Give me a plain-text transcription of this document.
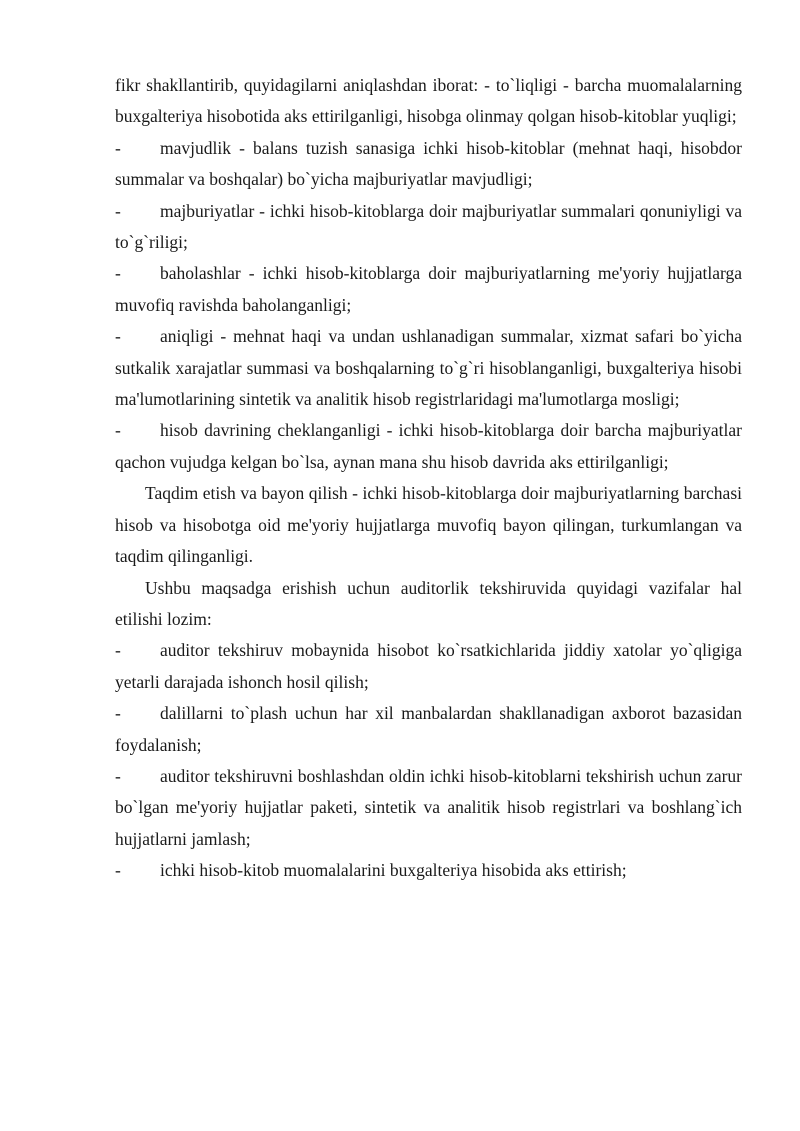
fikr shakllantirib, quyidagilarni aniqlashdan iborat: - to`liqligi - barcha muomalalarning buxgalteriya hisobotida aks ettirilganligi, hisobga olinmay qolgan hisob-kitoblar yuqligi;

- mavjudlik - balans tuzish sanasiga ichki hisob-kitoblar (mehnat haqi, hisobdor summalar va boshqalar) bo`yicha majburiyatlar mavjudligi;

- majburiyatlar - ichki hisob-kitoblarga doir majburiyatlar summalari qonuniyligi va to`g`riligi;

- baholashlar - ichki hisob-kitoblarga doir majburiyatlarning me'yoriy hujjatlarga muvofiq ravishda baholanganligi;

- aniqligi - mehnat haqi va undan ushlanadigan summalar, xizmat safari bo`yicha sutkalik xarajatlar summasi va boshqalarning to`g`ri hisoblanganligi, buxgalteriya hisobi ma'lumotlarining sintetik va analitik hisob registrlaridagi ma'lumotlarga mosligi;

- hisob davrining cheklanganligi - ichki hisob-kitoblarga doir barcha majburiyatlar qachon vujudga kelgan bo`lsa, aynan mana shu hisob davrida aks ettirilganligi;

Taqdim etish va bayon qilish - ichki hisob-kitoblarga doir majburiyatlarning barchasi hisob va hisobotga oid me'yoriy hujjatlarga muvofiq bayon qilingan, turkumlangan va taqdim qilinganligi.

Ushbu maqsadga erishish uchun auditorlik tekshiruvida quyidagi vazifalar hal etilishi lozim:

- auditor tekshiruv mobaynida hisobot ko`rsatkichlarida jiddiy xatolar yo`qligiga yetarli darajada ishonch hosil qilish;

- dalillarni to`plash uchun har xil manbalardan shakllanadigan axborot bazasidan foydalanish;

- auditor tekshiruvni boshlashdan oldin ichki hisob-kitoblarni tekshirish uchun zarur bo`lgan me'yoriy hujjatlar paketi, sintetik va analitik hisob registrlari va boshlang`ich hujjatlarni jamlash;

- ichki hisob-kitob muomalalarini buxgalteriya hisobida aks ettirish;
